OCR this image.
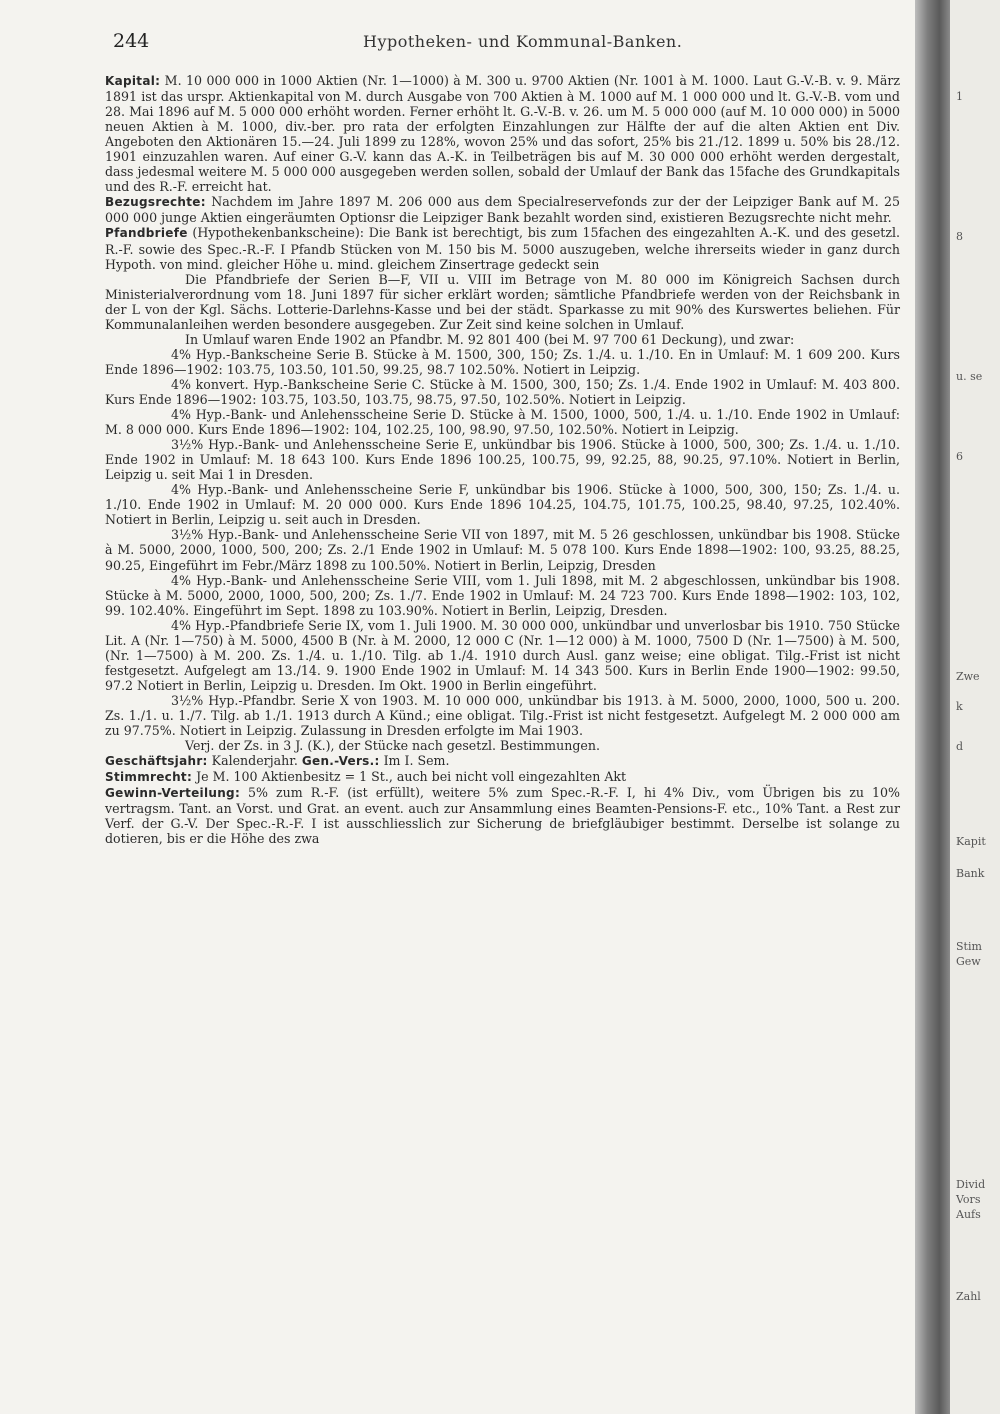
244	Hypotheken- und Kommunal-Banken.

Kapital: M. 10 000 000 in 1000 Aktien (Nr. 1—1000) à M. 300 u. 9700 Aktien (Nr. 1001 à M. 1000. Laut G.-V.-B. v. 9. März 1891 ist das urspr. Aktienkapital von M. durch Ausgabe von 700 Aktien à M. 1000 auf M. 1 000 000 und lt. G.-V.-B. vom und 28. Mai 1896 auf M. 5 000 000 erhöht worden. Ferner erhöht lt. G.-V.-B. v. 26. um M. 5 000 000 (auf M. 10 000 000) in 5000 neuen Aktien à M. 1000, div.-ber. pro rata der erfolgten Einzahlungen zur Hälfte der auf die alten Aktien ent Div. Angeboten den Aktionären 15.—24. Juli 1899 zu 128%, wovon 25% und das sofort, 25% bis 21./12. 1899 u. 50% bis 28./12. 1901 einzuzahlen waren. Auf einer G.-V. kann das A.-K. in Teilbeträgen bis auf M. 30 000 000 erhöht werden dergestalt, dass jedesmal weitere M. 5 000 000 ausgegeben werden sollen, sobald der Umlauf der Bank das 15fache des Grundkapitals und des R.-F. erreicht hat.

Bezugsrechte: Nachdem im Jahre 1897 M. 206 000 aus dem Specialreservefonds zur der der Leipziger Bank auf M. 25 000 000 junge Aktien eingeräumten Optionsr die Leipziger Bank bezahlt worden sind, existieren Bezugsrechte nicht mehr.

Pfandbriefe (Hypothekenbankscheine): Die Bank ist berechtigt, bis zum 15fachen des eingezahlten A.-K. und des gesetzl. R.-F. sowie des Spec.-R.-F. I Pfandb Stücken von M. 150 bis M. 5000 auszugeben, welche ihrerseits wieder in ganz durch Hypoth. von mind. gleicher Höhe u. mind. gleichem Zinsertrage gedeckt sein

Die Pfandbriefe der Serien B—F, VII u. VIII im Betrage von M. 80 000 im Königreich Sachsen durch Ministerialverordnung vom 18. Juni 1897 für sicher erklärt worden; sämtliche Pfandbriefe werden von der Reichsbank in der L von der Kgl. Sächs. Lotterie-Darlehns-Kasse und bei der städt. Sparkasse zu mit 90% des Kurswertes beliehen. Für Kommunalanleihen werden besondere ausgegeben. Zur Zeit sind keine solchen in Umlauf.

In Umlauf waren Ende 1902 an Pfandbr. M. 92 801 400 (bei M. 97 700 61 Deckung), und zwar:

4% Hyp.-Bankscheine Serie B. Stücke à M. 1500, 300, 150; Zs. 1./4. u. 1./10. En in Umlauf: M. 1 609 200. Kurs Ende 1896—1902: 103.75, 103.50, 101.50, 99.25, 98.7 102.50%. Notiert in Leipzig.

4% konvert. Hyp.-Bankscheine Serie C. Stücke à M. 1500, 300, 150; Zs. 1./4. Ende 1902 in Umlauf: M. 403 800. Kurs Ende 1896—1902: 103.75, 103.50, 103.75, 98.75, 97.50, 102.50%. Notiert in Leipzig.

4% Hyp.-Bank- und Anlehensscheine Serie D. Stücke à M. 1500, 1000, 500, 1./4. u. 1./10. Ende 1902 in Umlauf: M. 8 000 000. Kurs Ende 1896—1902: 104, 102.25, 100, 98.90, 97.50, 102.50%. Notiert in Leipzig.

3½% Hyp.-Bank- und Anlehensscheine Serie E, unkündbar bis 1906. Stücke à 1000, 500, 300; Zs. 1./4. u. 1./10. Ende 1902 in Umlauf: M. 18 643 100. Kurs Ende 1896 100.25, 100.75, 99, 92.25, 88, 90.25, 97.10%. Notiert in Berlin, Leipzig u. seit Mai 1 in Dresden.

4% Hyp.-Bank- und Anlehensscheine Serie F, unkündbar bis 1906. Stücke à 1000, 500, 300, 150; Zs. 1./4. u. 1./10. Ende 1902 in Umlauf: M. 20 000 000. Kurs Ende 1896 104.25, 104.75, 101.75, 100.25, 98.40, 97.25, 102.40%. Notiert in Berlin, Leipzig u. seit auch in Dresden.

3½% Hyp.-Bank- und Anlehensscheine Serie VII von 1897, mit M. 5 26 geschlossen, unkündbar bis 1908. Stücke à M. 5000, 2000, 1000, 500, 200; Zs. 2./1 Ende 1902 in Umlauf: M. 5 078 100. Kurs Ende 1898—1902: 100, 93.25, 88.25, 90.25, Eingeführt im Febr./März 1898 zu 100.50%. Notiert in Berlin, Leipzig, Dresden

4% Hyp.-Bank- und Anlehensscheine Serie VIII, vom 1. Juli 1898, mit M. 2 abgeschlossen, unkündbar bis 1908. Stücke à M. 5000, 2000, 1000, 500, 200; Zs. 1./7. Ende 1902 in Umlauf: M. 24 723 700. Kurs Ende 1898—1902: 103, 102, 99. 102.40%. Eingeführt im Sept. 1898 zu 103.90%. Notiert in Berlin, Leipzig, Dresden.

4% Hyp.-Pfandbriefe Serie IX, vom 1. Juli 1900. M. 30 000 000, unkündbar und unverlosbar bis 1910. 750 Stücke Lit. A (Nr. 1—750) à M. 5000, 4500 B (Nr. à M. 2000, 12 000 C (Nr. 1—12 000) à M. 1000, 7500 D (Nr. 1—7500) à M. 500, (Nr. 1—7500) à M. 200. Zs. 1./4. u. 1./10. Tilg. ab 1./4. 1910 durch Ausl. ganz weise; eine obligat. Tilg.-Frist ist nicht festgesetzt. Aufgelegt am 13./14. 9. 1900 Ende 1902 in Umlauf: M. 14 343 500. Kurs in Berlin Ende 1900—1902: 99.50, 97.2 Notiert in Berlin, Leipzig u. Dresden. Im Okt. 1900 in Berlin eingeführt.

3½% Hyp.-Pfandbr. Serie X von 1903. M. 10 000 000, unkündbar bis 1913. à M. 5000, 2000, 1000, 500 u. 200. Zs. 1./1. u. 1./7. Tilg. ab 1./1. 1913 durch A Künd.; eine obligat. Tilg.-Frist ist nicht festgesetzt. Aufgelegt M. 2 000 000 am zu 97.75%. Notiert in Leipzig. Zulassung in Dresden erfolgte im Mai 1903.

Verj. der Zs. in 3 J. (K.), der Stücke nach gesetzl. Bestimmungen.

Geschäftsjahr: Kalenderjahr. Gen.-Vers.: Im I. Sem.

Stimmrecht: Je M. 100 Aktienbesitz = 1 St., auch bei nicht voll eingezahlten Akt

Gewinn-Verteilung: 5% zum R.-F. (ist erfüllt), weitere 5% zum Spec.-R.-F. I, hi 4% Div., vom Übrigen bis zu 10% vertragsm. Tant. an Vorst. und Grat. an event. auch zur Ansammlung eines Beamten-Pensions-F. etc., 10% Tant. a Rest zur Verf. der G.-V. Der Spec.-R.-F. I ist ausschliesslich zur Sicherung de briefgläubiger bestimmt. Derselbe ist solange zu dotieren, bis er die Höhe des zwa

1
8
u. se
6
Zwe
k
d
Kapit
Bank
Stim
Gew
Divid
Vors
Aufs
Zahl
